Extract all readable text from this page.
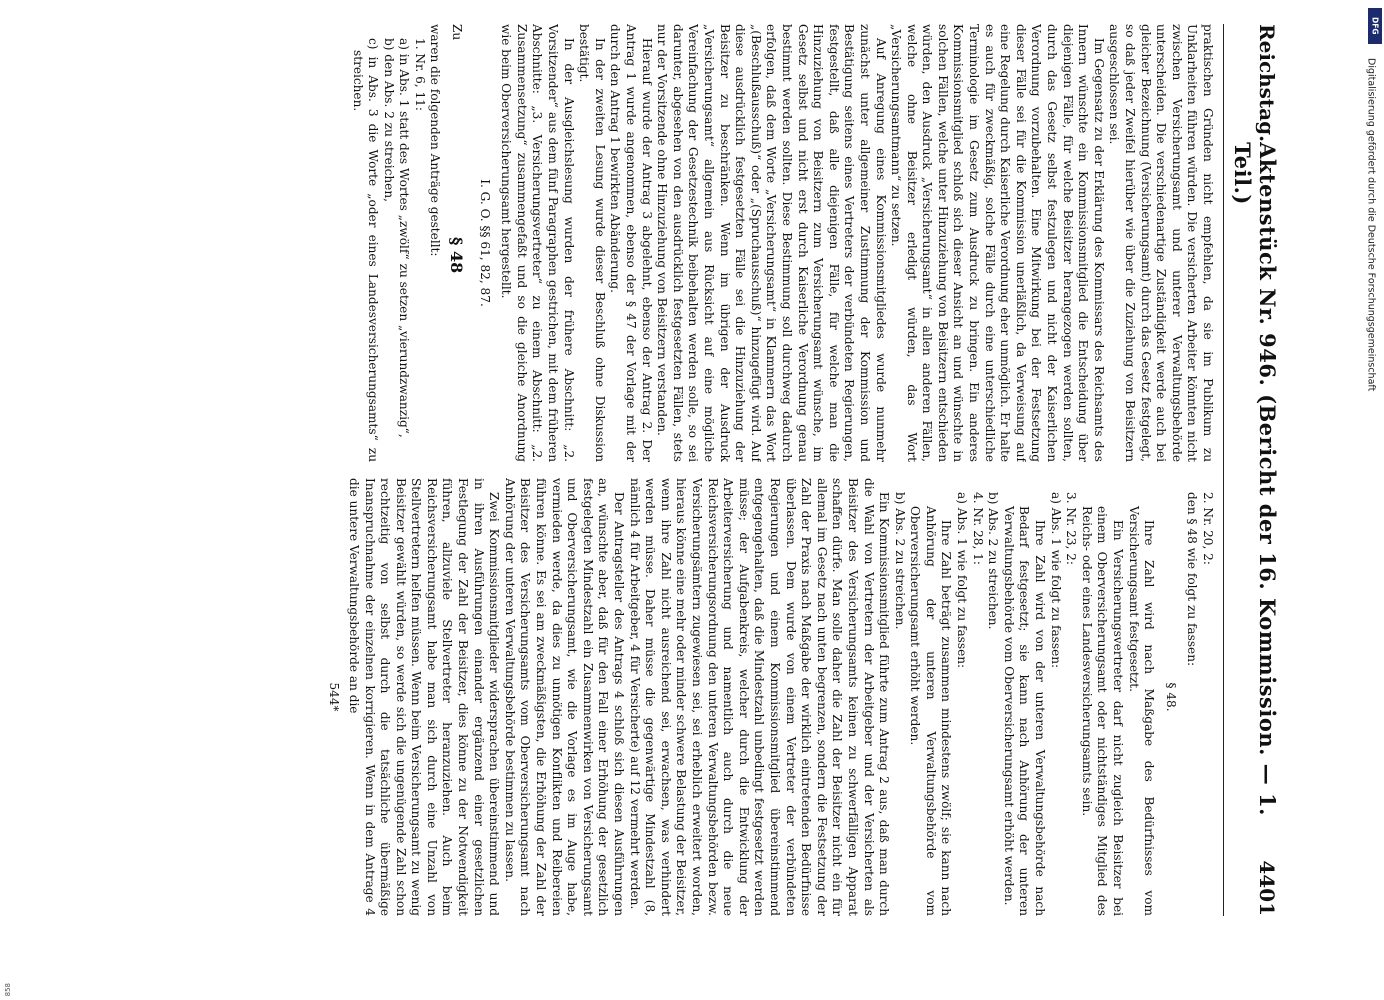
Reichstag.
Aktenstück Nr. 946. (Bericht der 16. Kommission. — 1. Teil.)
4401

praktischen Gründen nicht empfehlen, da sie im Publikum zu Unklarheiten führen würden. Die versicherten Arbeiter könnten nicht zwischen Versicherungsamt und unterer Verwaltungsbehörde unterscheiden. Die verschiedenartige Zuständigkeit werde auch bei gleicher Bezeichnung (Versicherungsamt) durch das Gesetz festgelegt, so daß jeder Zweifel hierüber wie über die Zuziehung von Beisitzern ausgeschlossen sei.

Im Gegensatz zu der Erklärung des Kommissars des Reichsamts des Innern wünschte ein Kommissionsmitglied die Entscheidung über diejenigen Fälle, für welche Beisitzer herangezogen werden sollten, durch das Gesetz selbst festzulegen und nicht der Kaiserlichen Verordnung vorzubehalten. Eine Mitwirkung bei der Festsetzung dieser Fälle sei für die Kommission unerläßlich, da Verweisung auf eine Regelung durch Kaiserliche Verordnung eher unmöglich. Er halte es auch für zweckmäßig, solche Fälle durch eine unterschiedliche Terminologie im Gesetz zum Ausdruck zu bringen. Ein anderes Kommissionsmitglied schloß sich dieser Ansicht an und wünschte in solchen Fällen, welche unter Hinzuziehung von Beisitzern entschieden würden, den Ausdruck „Versicherungsamt“ in allen anderen Fällen, welche ohne Beisitzer erledigt würden, das Wort „Versicherungsamtmann“ zu setzen.

Auf Anregung eines Kommissionsmitgliedes wurde nunmehr zunächst unter allgemeiner Zustimmung der Kommission und Bestätigung seitens eines Vertreters der verbündeten Regierungen, festgestellt, daß alle diejenigen Fälle, für welche man die Hinzuziehung von Beisitzern zum Versicherungsamt wünsche, im Gesetz selbst und nicht erst durch Kaiserliche Verordnung genau bestimmt werden sollten. Diese Bestimmung soll durchweg dadurch erfolgen, daß dem Worte „Versicherungsamt“ in Klammern das Wort „(Beschlußausschuß)“ oder „(Spruchausschuß)“ hinzugefügt wird. Auf diese ausdrücklich festgesetzten Fälle sei die Hinzuziehung der Beisitzer zu beschränken. Wenn im übrigen der Ausdruck „Versicherungsamt“ allgemein aus Rücksicht auf eine mögliche Vereinfachung der Gesetzestechnik beibehalten werden solle, so sei darunter, abgesehen von den ausdrücklich festgesetzten Fällen, stets nur der Vorsitzende ohne Hinzuziehung von Beisitzern verstanden.

Hierauf wurde der Antrag 3 abgelehnt, ebenso der Antrag 2. Der Antrag 1 wurde angenommen, ebenso der § 47 der Vorlage mit der durch den Antrag 1 bewirkten Abänderung.

In der zweiten Lesung wurde dieser Beschluß ohne Diskussion bestätigt.

In der Ausgleichslesung wurden der frühere Abschnitt: „2. Vorsitzender“ aus dem fünf Paragraphen gestrichen, mit dem früheren Abschnitte: „3. Versicherungsvertreter“ zu einem Abschnitt: „2. Zusammensetzung“ zusammengefaßt und so die gleiche Anordnung wie beim Oberversicherungsamt hergestellt.

I. G. O. §§ 61, 82, 87.
Zu
§ 48

waren die folgenden Anträge gestellt:

1. Nr. 6, 11:

a) in Abs. 1 statt des Wortes „zwölf“ zu setzen „vierundzwanzig“,

b) den Abs. 2 zu streichen,

c) in Abs. 3 die Worte „oder eines Landesversicherungsamts“ zu streichen.

2. Nr. 20, 2:

den § 48 wie folgt zu fassen:

§ 48.

Ihre Zahl wird nach Maßgabe des Bedürfnisses vom Versicherungsamt festgesetzt.

Ein Versicherungsvertreter darf nicht zugleich Beisitzer bei einem Oberversicherungsamt oder nichtständiges Mitglied des Reichs- oder eines Landesversicherungsamts sein.

3. Nr. 23, 2:

a) Abs. 1 wie folgt zu fassen:

Ihre Zahl wird von der unteren Verwaltungsbehörde nach Bedarf festgesetzt; sie kann nach Anhörung der unteren Verwaltungsbehörde vom Oberversicherungsamt erhöht werden.

b) Abs. 2 zu streichen.

4. Nr. 28, 1:

a) Abs. 1 wie folgt zu fassen:

Ihre Zahl beträgt zusammen mindestens zwölf; sie kann nach Anhörung der unteren Verwaltungsbehörde vom Oberversicherungsamt erhöht werden.

b) Abs. 2 zu streichen.

Ein Kommissionsmitglied führte zum Antrag 2 aus, daß man durch die Wahl von Vertretern der Arbeitgeber und der Versicherten als Beisitzer des Versicherungsamts keinen zu schwerfälligen Apparat schaffen dürfe. Man solle daher die Zahl der Beisitzer nicht ein für allemal im Gesetz nach unten begrenzen, sondern die Festsetzung der Zahl der Praxis nach Maßgabe der wirklich eintretenden Bedürfnisse überlassen. Dem wurde von einem Vertreter der verbündeten Regierungen und einem Kommissionsmitglied übereinstimmend entgegengehalten, daß die Mindestzahl unbedingt festgesetzt werden müsse; der Aufgabenkreis, welcher durch die Entwicklung der Arbeiterversicherung und namentlich auch durch die neue Reichsversicherungsordnung den unteren Verwaltungsbehörden bezw. Versicherungsämtern zugewiesen sei, sei erheblich erweitert worden, hieraus könne eine mehr oder minder schwere Belastung der Beisitzer, wenn ihre Zahl nicht ausreichend sei, erwachsen, was verhindert werden müsse. Daher müsse die gegenwärtige Mindestzahl (8, nämlich 4 für Arbeitgeber, 4 für Versicherte) auf 12 vermehrt werden.

Der Antragsteller des Antrags 4 schloß sich diesen Ausführungen an, wünschte aber, daß für den Fall einer Erhöhung der gesetzlich festgelegten Mindestzahl ein Zusammenwirken von Versicherungsamt und Oberversicherungsamt, wie die Vorlage es im Auge habe, vermieden werde, da dies zu unnötigen Konflikten und Reibereien führen könne. Es sei am zweckmäßigsten, die Erhöhung der Zahl der Beisitzer des Versicherungsamts vom Oberversicherungsamt nach Anhörung der unteren Verwaltungsbehörde bestimmen zu lassen.

Zwei Kommissionsmitglieder widersprachen übereinstimmend und in ihren Ausführungen einander ergänzend einer gesetzlichen Festlegung der Zahl der Beisitzer, dies könne zu der Notwendigkeit führen, allzuviele Stellvertreter heranzuziehen. Auch beim Reichsversicherungsamt habe man sich durch eine Unzahl von Stellvertretern helfen müssen. Wenn beim Versicherungsamt zu wenig Beisitzer gewählt würden, so werde sich die ungenügende Zahl schon rechtzeitig von selbst durch die tatsächliche übermäßige Inanspruchnahme der einzelnen korrigieren. Wenn in dem Antrage 4 die untere Verwaltungsbehörde an die

544*
Digitalisierung gefördert durch die Deutsche Forschungsgemeinschaft
DFG
858
